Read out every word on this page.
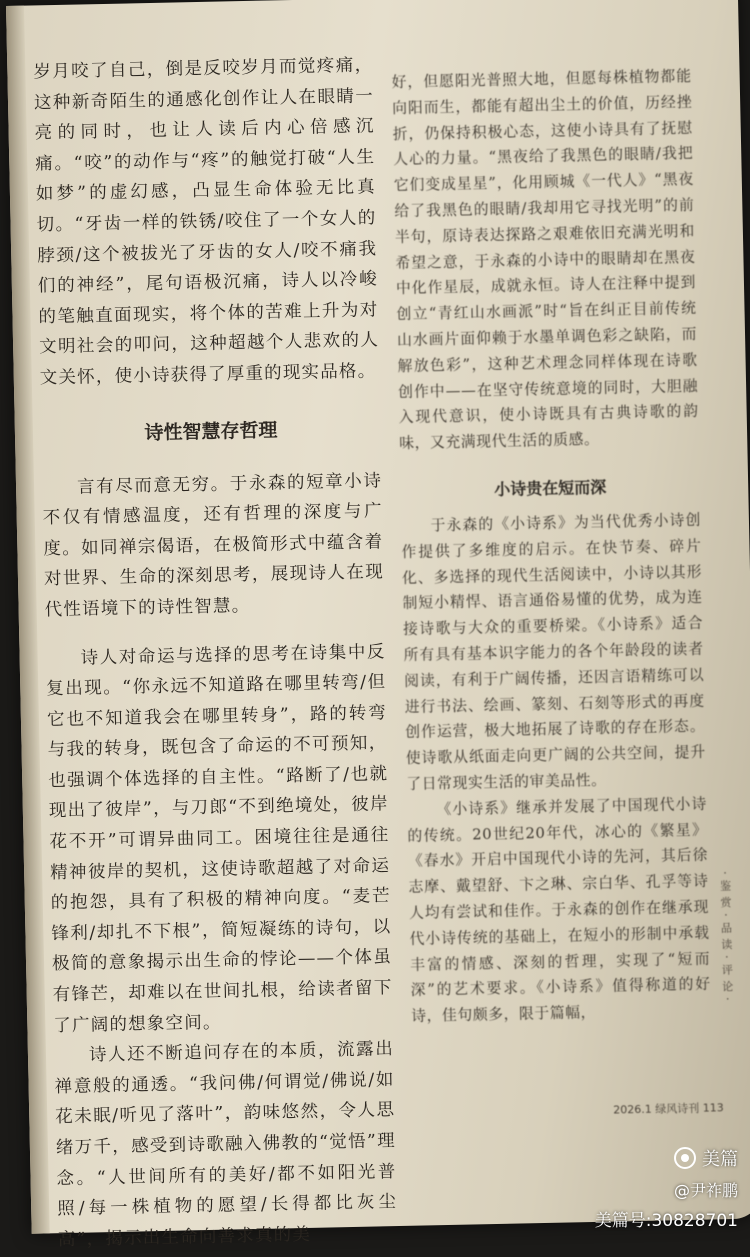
岁月咬了自己，倒是反咬岁月而觉疼痛，这种新奇陌生的通感化创作让人在眼睛一亮的同时，也让人读后内心倍感沉痛。“咬”的动作与“疼”的触觉打破“人生如梦”的虚幻感，凸显生命体验无比真切。“牙齿一样的铁锈/咬住了一个女人的脖颈/这个被拔光了牙齿的女人/咬不痛我们的神经”，尾句语极沉痛，诗人以冷峻的笔触直面现实，将个体的苦难上升为对文明社会的叩问，这种超越个人悲欢的人文关怀，使小诗获得了厚重的现实品格。

诗性智慧存哲理

言有尽而意无穷。于永森的短章小诗不仅有情感温度，还有哲理的深度与广度。如同禅宗偈语，在极简形式中蕴含着对世界、生命的深刻思考，展现诗人在现代性语境下的诗性智慧。

诗人对命运与选择的思考在诗集中反复出现。“你永远不知道路在哪里转弯/但它也不知道我会在哪里转身”，路的转弯与我的转身，既包含了命运的不可预知，也强调个体选择的自主性。“路断了/也就现出了彼岸”，与刀郎“不到绝境处，彼岸花不开”可谓异曲同工。困境往往是通往精神彼岸的契机，这使诗歌超越了对命运的抱怨，具有了积极的精神向度。“麦芒锋利/却扎不下根”，简短凝练的诗句，以极简的意象揭示出生命的悖论——个体虽有锋芒，却难以在世间扎根，给读者留下了广阔的想象空间。

诗人还不断追问存在的本质，流露出禅意般的通透。“我问佛/何谓觉/佛说/如花未眠/听见了落叶”，韵味悠然，令人思绪万千，感受到诗歌融入佛教的“觉悟”理念。“人世间所有的美好/都不如阳光普照/每一株植物的愿望/长得都比灰尘高”，揭示出生命向善求真的美

好，但愿阳光普照大地，但愿每株植物都能向阳而生，都能有超出尘土的价值，历经挫折，仍保持积极心态，这使小诗具有了抚慰人心的力量。“黑夜给了我黑色的眼睛/我把它们变成星星”，化用顾城《一代人》“黑夜给了我黑色的眼睛/我却用它寻找光明”的前半句，原诗表达探路之艰难依旧充满光明和希望之意，于永森的小诗中的眼睛却在黑夜中化作星辰，成就永恒。诗人在注释中提到创立“青红山水画派”时“旨在纠正目前传统山水画片面仰赖于水墨单调色彩之缺陷，而解放色彩”，这种艺术理念同样体现在诗歌创作中——在坚守传统意境的同时，大胆融入现代意识，使小诗既具有古典诗歌的韵味，又充满现代生活的质感。

小诗贵在短而深

于永森的《小诗系》为当代优秀小诗创作提供了多维度的启示。在快节奏、碎片化、多选择的现代生活阅读中，小诗以其形制短小精悍、语言通俗易懂的优势，成为连接诗歌与大众的重要桥梁。《小诗系》适合所有具有基本识字能力的各个年龄段的读者阅读，有利于广阔传播，还因言语精练可以进行书法、绘画、篆刻、石刻等形式的再度创作运营，极大地拓展了诗歌的存在形态。使诗歌从纸面走向更广阔的公共空间，提升了日常现实生活的审美品性。

《小诗系》继承并发展了中国现代小诗的传统。20世纪20年代，冰心的《繁星》《春水》开启中国现代小诗的先河，其后徐志摩、戴望舒、卞之琳、宗白华、孔孚等诗人均有尝试和佳作。于永森的创作在继承现代小诗传统的基础上，在短小的形制中承载丰富的情感、深刻的哲理，实现了“短而深”的艺术要求。《小诗系》值得称道的好诗，佳句颇多，限于篇幅，

· 鉴 赏 · 品 读 · 评 论 ·
2026.1 绿风诗刊 113
美篇
@尹祚鹏
美篇号:30828701
